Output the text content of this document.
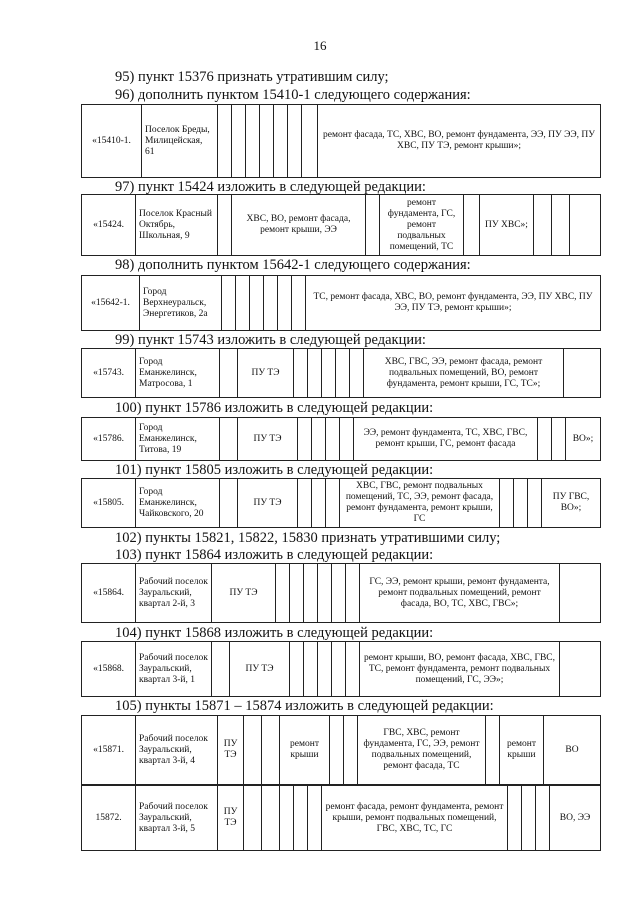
16
95) пункт 15376 признать утратившим силу;
96) дополнить пунктом 15410-1 следующего содержания:
«15410-1.	Поселок Бреды, Милицейская, 61								ремонт фасада, ТС, ХВС, ВО, ремонт фундамента, ЭЭ, ПУ ЭЭ, ПУ ХВС, ПУ ТЭ, ремонт крыши»;
97) пункт 15424 изложить в следующей редакции:
«15424.	Поселок Красный Октябрь, Школьная, 9		ХВС, ВО, ремонт фасада, ремонт крыши, ЭЭ		ремонт фундамента, ГС, ремонт подвальных помещений, ТС		ПУ ХВС»;			
98) дополнить пунктом 15642-1 следующего содержания:
«15642-1.	Город Верхнеуральск, Энергетиков, 2а							ТС, ремонт фасада, ХВС, ВО, ремонт фундамента, ЭЭ, ПУ ХВС, ПУ ЭЭ, ПУ ТЭ, ремонт крыши»;
99) пункт 15743 изложить в следующей редакции:
«15743.	Город Еманжелинск, Матросова, 1		ПУ ТЭ						ХВС, ГВС, ЭЭ, ремонт фасада, ремонт подвальных помещений, ВО, ремонт фундамента, ремонт крыши, ГС, ТС»;	
100) пункт 15786 изложить в следующей редакции:
«15786.	Город Еманжелинск, Титова, 19		ПУ ТЭ					ЭЭ, ремонт фундамента, ТС, ХВС, ГВС, ремонт крыши, ГС, ремонт фасада			ВО»;
101) пункт 15805 изложить в следующей редакции:
«15805.	Город Еманжелинск, Чайковского, 20		ПУ ТЭ				ХВС, ГВС, ремонт подвальных помещений, ТС, ЭЭ, ремонт фасада, ремонт фундамента, ремонт крыши, ГС				ПУ ГВС, ВО»;
102) пункты 15821, 15822, 15830 признать утратившими силу;
103) пункт 15864 изложить в следующей редакции:
«15864.	Рабочий поселок Зауральский, квартал 2-й, 3	ПУ ТЭ							ГС, ЭЭ, ремонт крыши, ремонт фундамента, ремонт подвальных помещений, ремонт фасада, ВО, ТС, ХВС, ГВС»;	
104) пункт 15868 изложить в следующей редакции:
«15868.	Рабочий поселок Зауральский, квартал 3-й, 1		ПУ ТЭ						ремонт крыши, ВО, ремонт фасада, ХВС, ГВС, ТС, ремонт фундамента, ремонт подвальных помещений, ГС, ЭЭ»;	
105) пункты 15871 – 15874 изложить в следующей редакции:
«15871.	Рабочий поселок Зауральский, квартал 3-й, 4	ПУ ТЭ			ремонт крыши			ГВС, ХВС, ремонт фундамента, ГС, ЭЭ, ремонт подвальных помещений, ремонт фасада, ТС		ремонт крыши	ВО
15872.	Рабочий поселок Зауральский, квартал 3-й, 5	ПУ ТЭ						ремонт фасада, ремонт фундамента, ремонт крыши, ремонт подвальных помещений, ГВС, ХВС, ТС, ГС				ВО, ЭЭ
